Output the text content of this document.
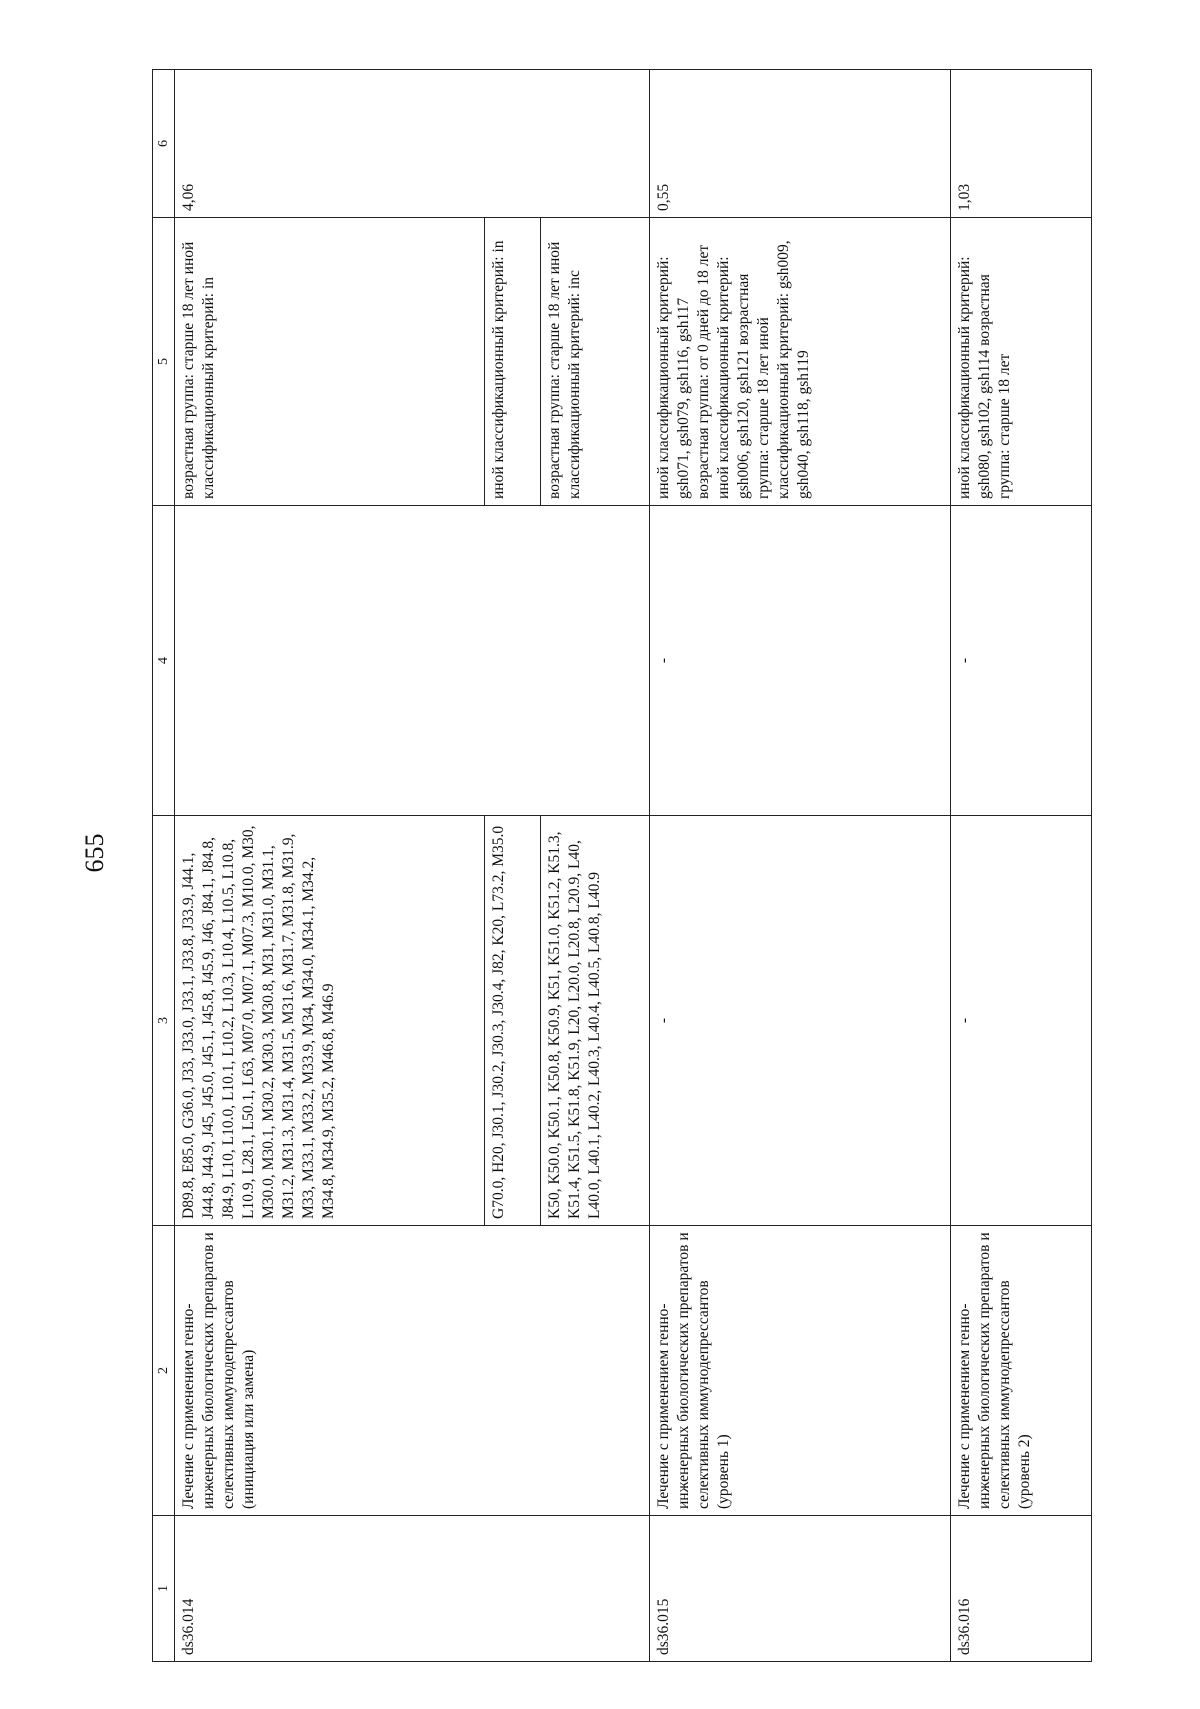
655
1	2	3	4	5	6
ds36.014	Лечение с применением генно-инженерных биологических препаратов и селективных иммунодепрессантов (инициация или замена)	D89.8, E85.0, G36.0, J33, J33.0, J33.1, J33.8, J33.9, J44.1, J44.8, J44.9, J45, J45.0, J45.1, J45.8, J45.9, J46, J84.1, J84.8, J84.9, L10, L10.0, L10.1, L10.2, L10.3, L10.4, L10.5, L10.8, L10.9, L28.1, L50.1, L63, M07.0, M07.1, M07.3, M10.0, M30, M30.0, M30.1, M30.2, M30.3, M30.8, M31, M31.0, M31.1, M31.2, M31.3, M31.4, M31.5, M31.6, M31.7, M31.8, M31.9, M33, M33.1, M33.2, M33.9, M34, M34.0, M34.1, M34.2, M34.8, M34.9, M35.2, M46.8, M46.9		возрастная группа: старше 18 лет иной классификационный критерий: in	4,06
		G70.0, H20, J30.1, J30.2, J30.3, J30.4, J82, K20, L73.2, M35.0		иной классификационный критерий: in	
		K50, K50.0, K50.1, K50.8, K50.9, K51, K51.0, K51.2, K51.3, K51.4, K51.5, K51.8, K51.9, L20, L20.0, L20.8, L20.9, L40, L40.0, L40.1, L40.2, L40.3, L40.4, L40.5, L40.8, L40.9		возрастная группа: старше 18 лет иной классификационный критерий: inc	
ds36.015	Лечение с применением генно-инженерных биологических препаратов и селективных иммунодепрессантов (уровень 1)	-	-	иной классификационный критерий: gsh071, gsh079, gsh116, gsh117 возрастная группа: от 0 дней до 18 лет иной классификационный критерий: gsh006, gsh120, gsh121 возрастная группа: старше 18 лет иной классификационный критерий: gsh009, gsh040, gsh118, gsh119	0,55
ds36.016	Лечение с применением генно-инженерных биологических препаратов и селективных иммунодепрессантов (уровень 2)	-	-	иной классификационный критерий: gsh080, gsh102, gsh114 возрастная группа: старше 18 лет	1,03
